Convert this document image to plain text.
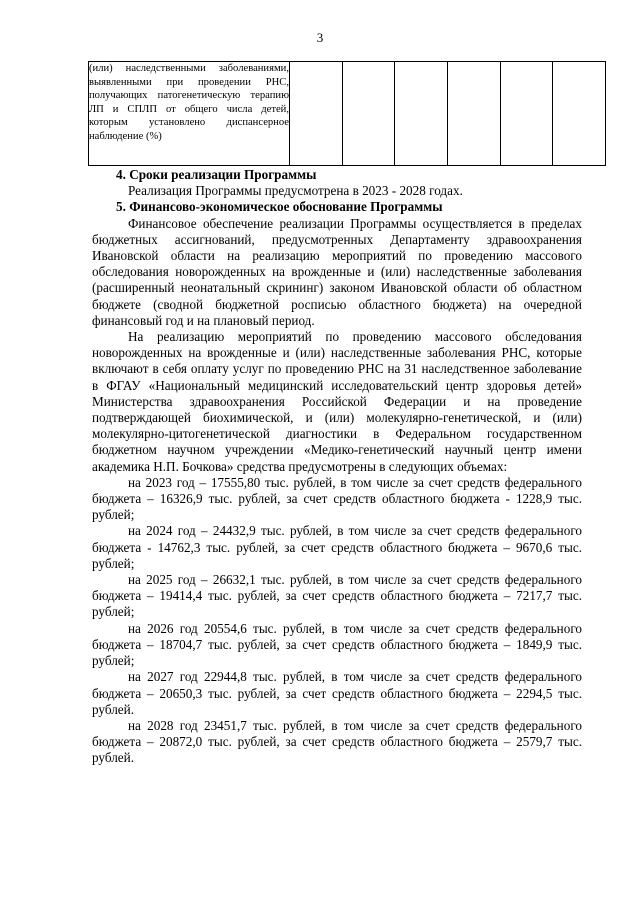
3
(или) наследственными заболеваниями, выявленными при проведении РНС, получающих патогенетическую терапию ЛП и СПЛП от общего числа детей, которым установлено диспансерное наблюдение (%)

4. Сроки реализации Программы

Реализация Программы предусмотрена в 2023 - 2028 годах.

5. Финансово-экономическое обоснование Программы

Финансовое обеспечение реализации Программы осуществляется в пределах бюджетных ассигнований, предусмотренных Департаменту здравоохранения Ивановской области на реализацию мероприятий по проведению массового обследования новорожденных на врожденные и (или) наследственные заболевания (расширенный неонатальный скрининг) законом Ивановской области об областном бюджете (сводной бюджетной росписью областного бюджета) на очередной финансовый год и на плановый период.

На реализацию мероприятий по проведению массового обследования новорожденных на врожденные и (или) наследственные заболевания РНС, которые включают в себя оплату услуг по проведению РНС на 31 наследственное заболевание в ФГАУ «Национальный медицинский исследовательский центр здоровья детей» Министерства здравоохранения Российской Федерации и на проведение подтверждающей биохимической, и (или) молекулярно-генетической, и (или) молекулярно-цитогенетической диагностики в Федеральном государственном бюджетном научном учреждении «Медико-генетический научный центр имени академика Н.П. Бочкова» средства предусмотрены в следующих объемах:

на 2023 год – 17555,80 тыс. рублей, в том числе за счет средств федерального бюджета – 16326,9 тыс. рублей, за счет средств областного бюджета - 1228,9 тыс. рублей;

на 2024 год – 24432,9 тыс. рублей, в том числе за счет средств федерального бюджета - 14762,3 тыс. рублей, за счет средств областного бюджета – 9670,6 тыс. рублей;

на 2025 год – 26632,1 тыс. рублей, в том числе за счет средств федерального бюджета – 19414,4 тыс. рублей, за счет средств областного бюджета – 7217,7 тыс. рублей;

на 2026 год 20554,6 тыс. рублей, в том числе за счет средств федерального бюджета – 18704,7 тыс. рублей, за счет средств областного бюджета – 1849,9 тыс. рублей;

на 2027 год 22944,8 тыс. рублей, в том числе за счет средств федерального бюджета – 20650,3 тыс. рублей, за счет средств областного бюджета – 2294,5 тыс. рублей.

на 2028 год 23451,7 тыс. рублей, в том числе за счет средств федерального бюджета – 20872,0 тыс. рублей, за счет средств областного бюджета – 2579,7 тыс. рублей.
